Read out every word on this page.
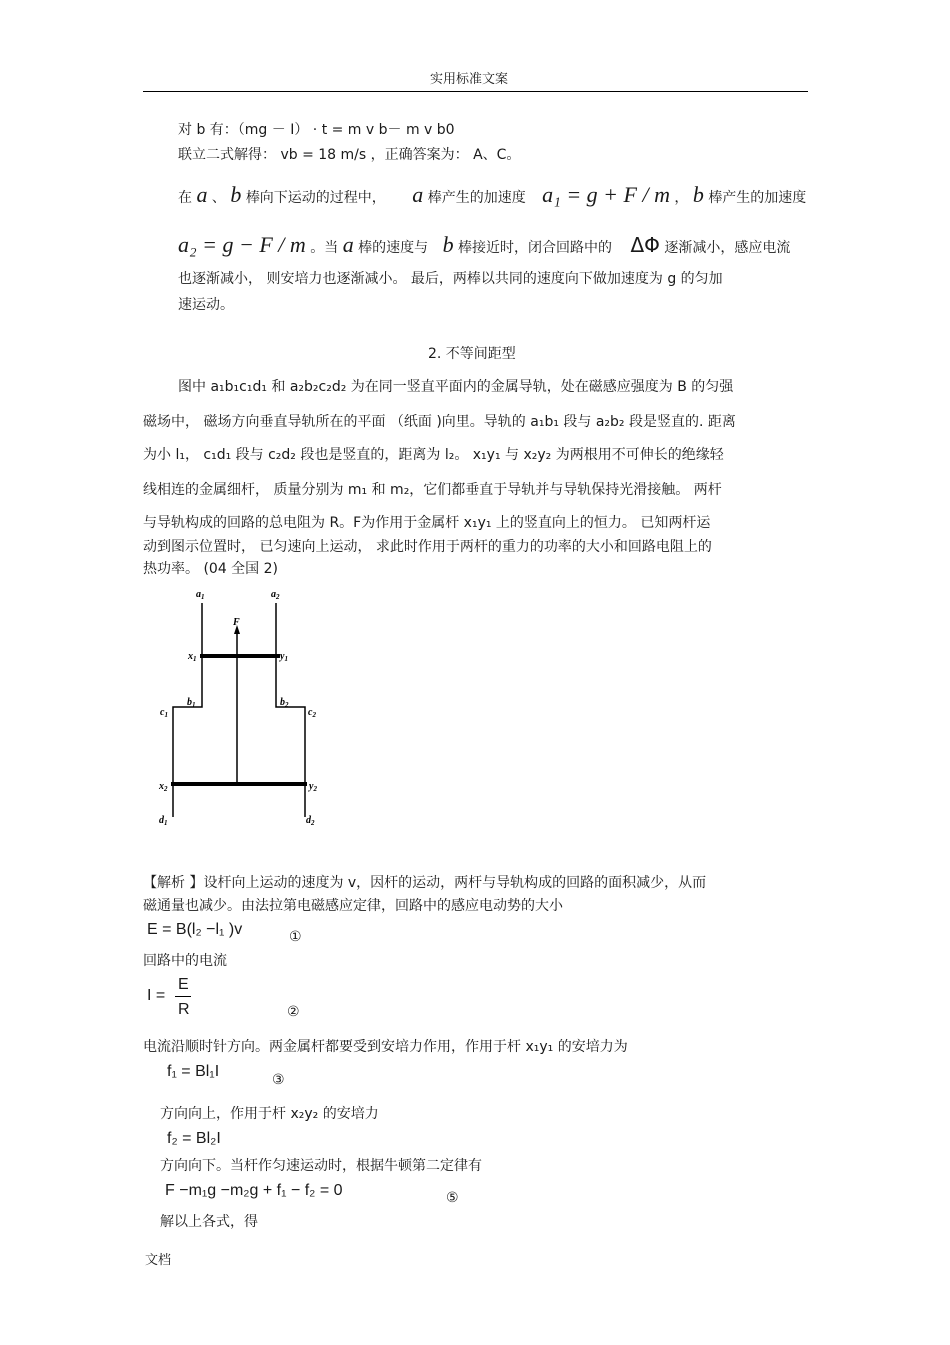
实用标准文案
对 b 有：（mg － I） · t = m v b－ m v b0
联立二式解得： vb = 18 m/s ，正确答案为： A、C。
在 a 、 b 棒向下运动的过程中， a 棒产生的加速度 a₁ = g + F / m ， b 棒产生的加速度
a₂ = g − F / m 。当 a 棒的速度与 b 棒接近时，闭合回路中的 ΔΦ 逐渐减小，感应电流
也逐渐减小， 则安培力也逐渐减小。 最后，两棒以共同的速度向下做加速度为 g 的匀加
速运动。
2. 不等间距型
图中 a₁b₁c₁d₁ 和 a₂b₂c₂d₂ 为在同一竖直平面内的金属导轨，处在磁感应强度为 B 的匀强
磁场中， 磁场方向垂直导轨所在的平面 （纸面 )向里。导轨的 a₁b₁ 段与 a₂b₂ 段是竖直的. 距离
为小 l₁， c₁d₁ 段与 c₂d₂ 段也是竖直的，距离为 l₂。 x₁y₁ 与 x₂y₂ 为两根用不可伸长的绝缘轻
线相连的金属细杆， 质量分别为 m₁ 和 m₂，它们都垂直于导轨并与导轨保持光滑接触。 两杆
与导轨构成的回路的总电阻为 R。F为作用于金属杆 x₁y₁ 上的竖直向上的恒力。 已知两杆运
动到图示位置时， 已匀速向上运动， 求此时作用于两杆的重力的功率的大小和回路电阻上的
热功率。 (04 全国 2)
$a_1$	$a_2$
F
$x_1$	$y_1$
$b_1$	$b_2$
$c_1$	$c_2$
$x_2$	$y_2$
$d_1$	$d_2$
【解析 】设杆向上运动的速度为 v，因杆的运动，两杆与导轨构成的回路的面积减少，从而
磁通量也减少。由法拉第电磁感应定律，回路中的感应电动势的大小
E = B(l₂ −l₁ )v	①
回路中的电流
I =
E
R	②
电流沿顺时针方向。两金属杆都要受到安培力作用，作用于杆 x₁y₁ 的安培力为
f₁ = Bl₁I	③
方向向上，作用于杆 x₂y₂ 的安培力
f₂ = Bl₂I
方向向下。当杆作匀速运动时，根据牛顿第二定律有
F −m₁g −m₂g + f₁ − f₂ = 0	⑤
解以上各式，得
文档
